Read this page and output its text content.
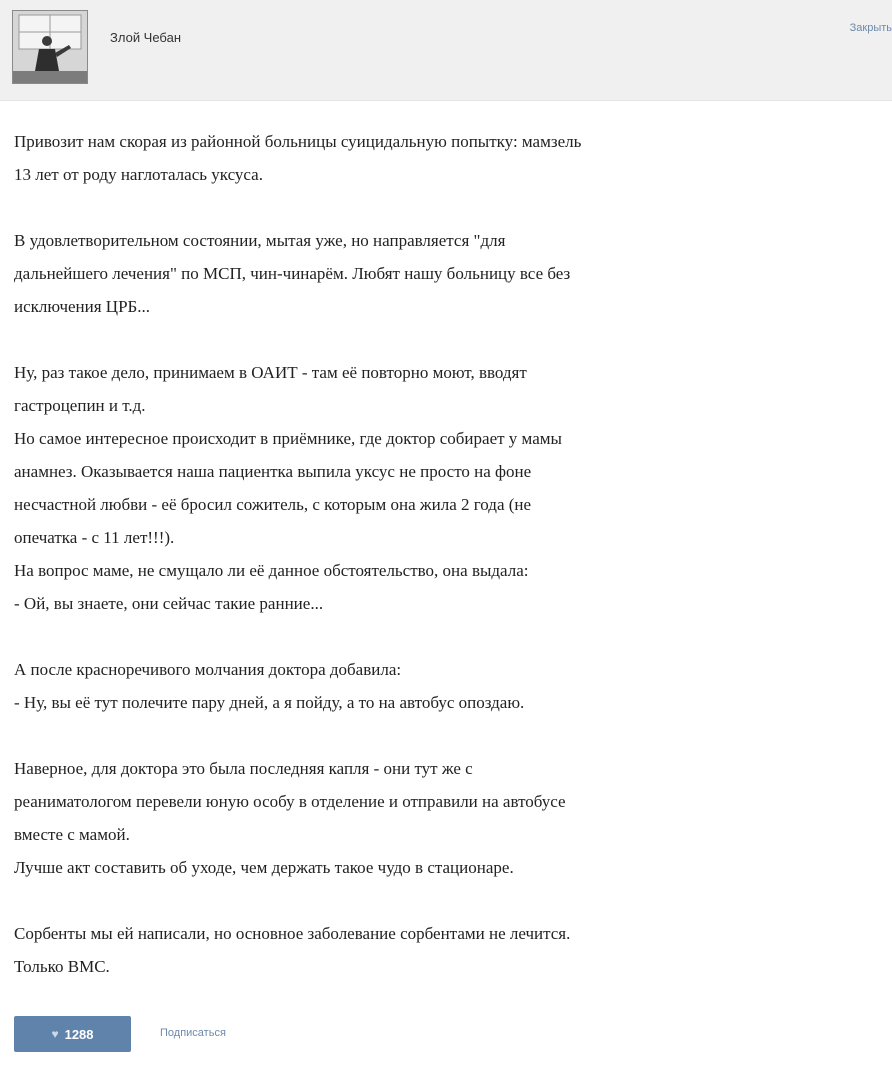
Злой Чебан
Закрыть
Привозит нам скорая из районной больницы суицидальную попытку: мамзель
13 лет от роду наглоталась уксуса.
В удовлетворительном состоянии, мытая уже, но направляется "для
дальнейшего лечения" по МСП, чин-чинарём. Любят нашу больницу все без
исключения ЦРБ...
Ну, раз такое дело, принимаем в ОАИТ - там её повторно моют, вводят
гастроцепин и т.д.
Но самое интересное происходит в приёмнике, где доктор собирает у мамы
анамнез. Оказывается наша пациентка выпила уксус не просто на фоне
несчастной любви - её бросил сожитель, с которым она жила 2 года (не
опечатка - с 11 лет!!!).
На вопрос маме, не смущало ли её данное обстоятельство, она выдала:
- Ой, вы знаете, они сейчас такие ранние...
А после красноречивого молчания доктора добавила:
- Ну, вы её тут полечите пару дней, а я пойду, а то на автобус опоздаю.
Наверное, для доктора это была последняя капля - они тут же с
реаниматологом перевели юную особу в отделение и отправили на автобусе
вместе с мамой.
Лучше акт составить об уходе, чем держать такое чудо в стационаре.
Сорбенты мы ей написали, но основное заболевание сорбентами не лечится.
Только ВМС.
♥ 1288	Подписаться
